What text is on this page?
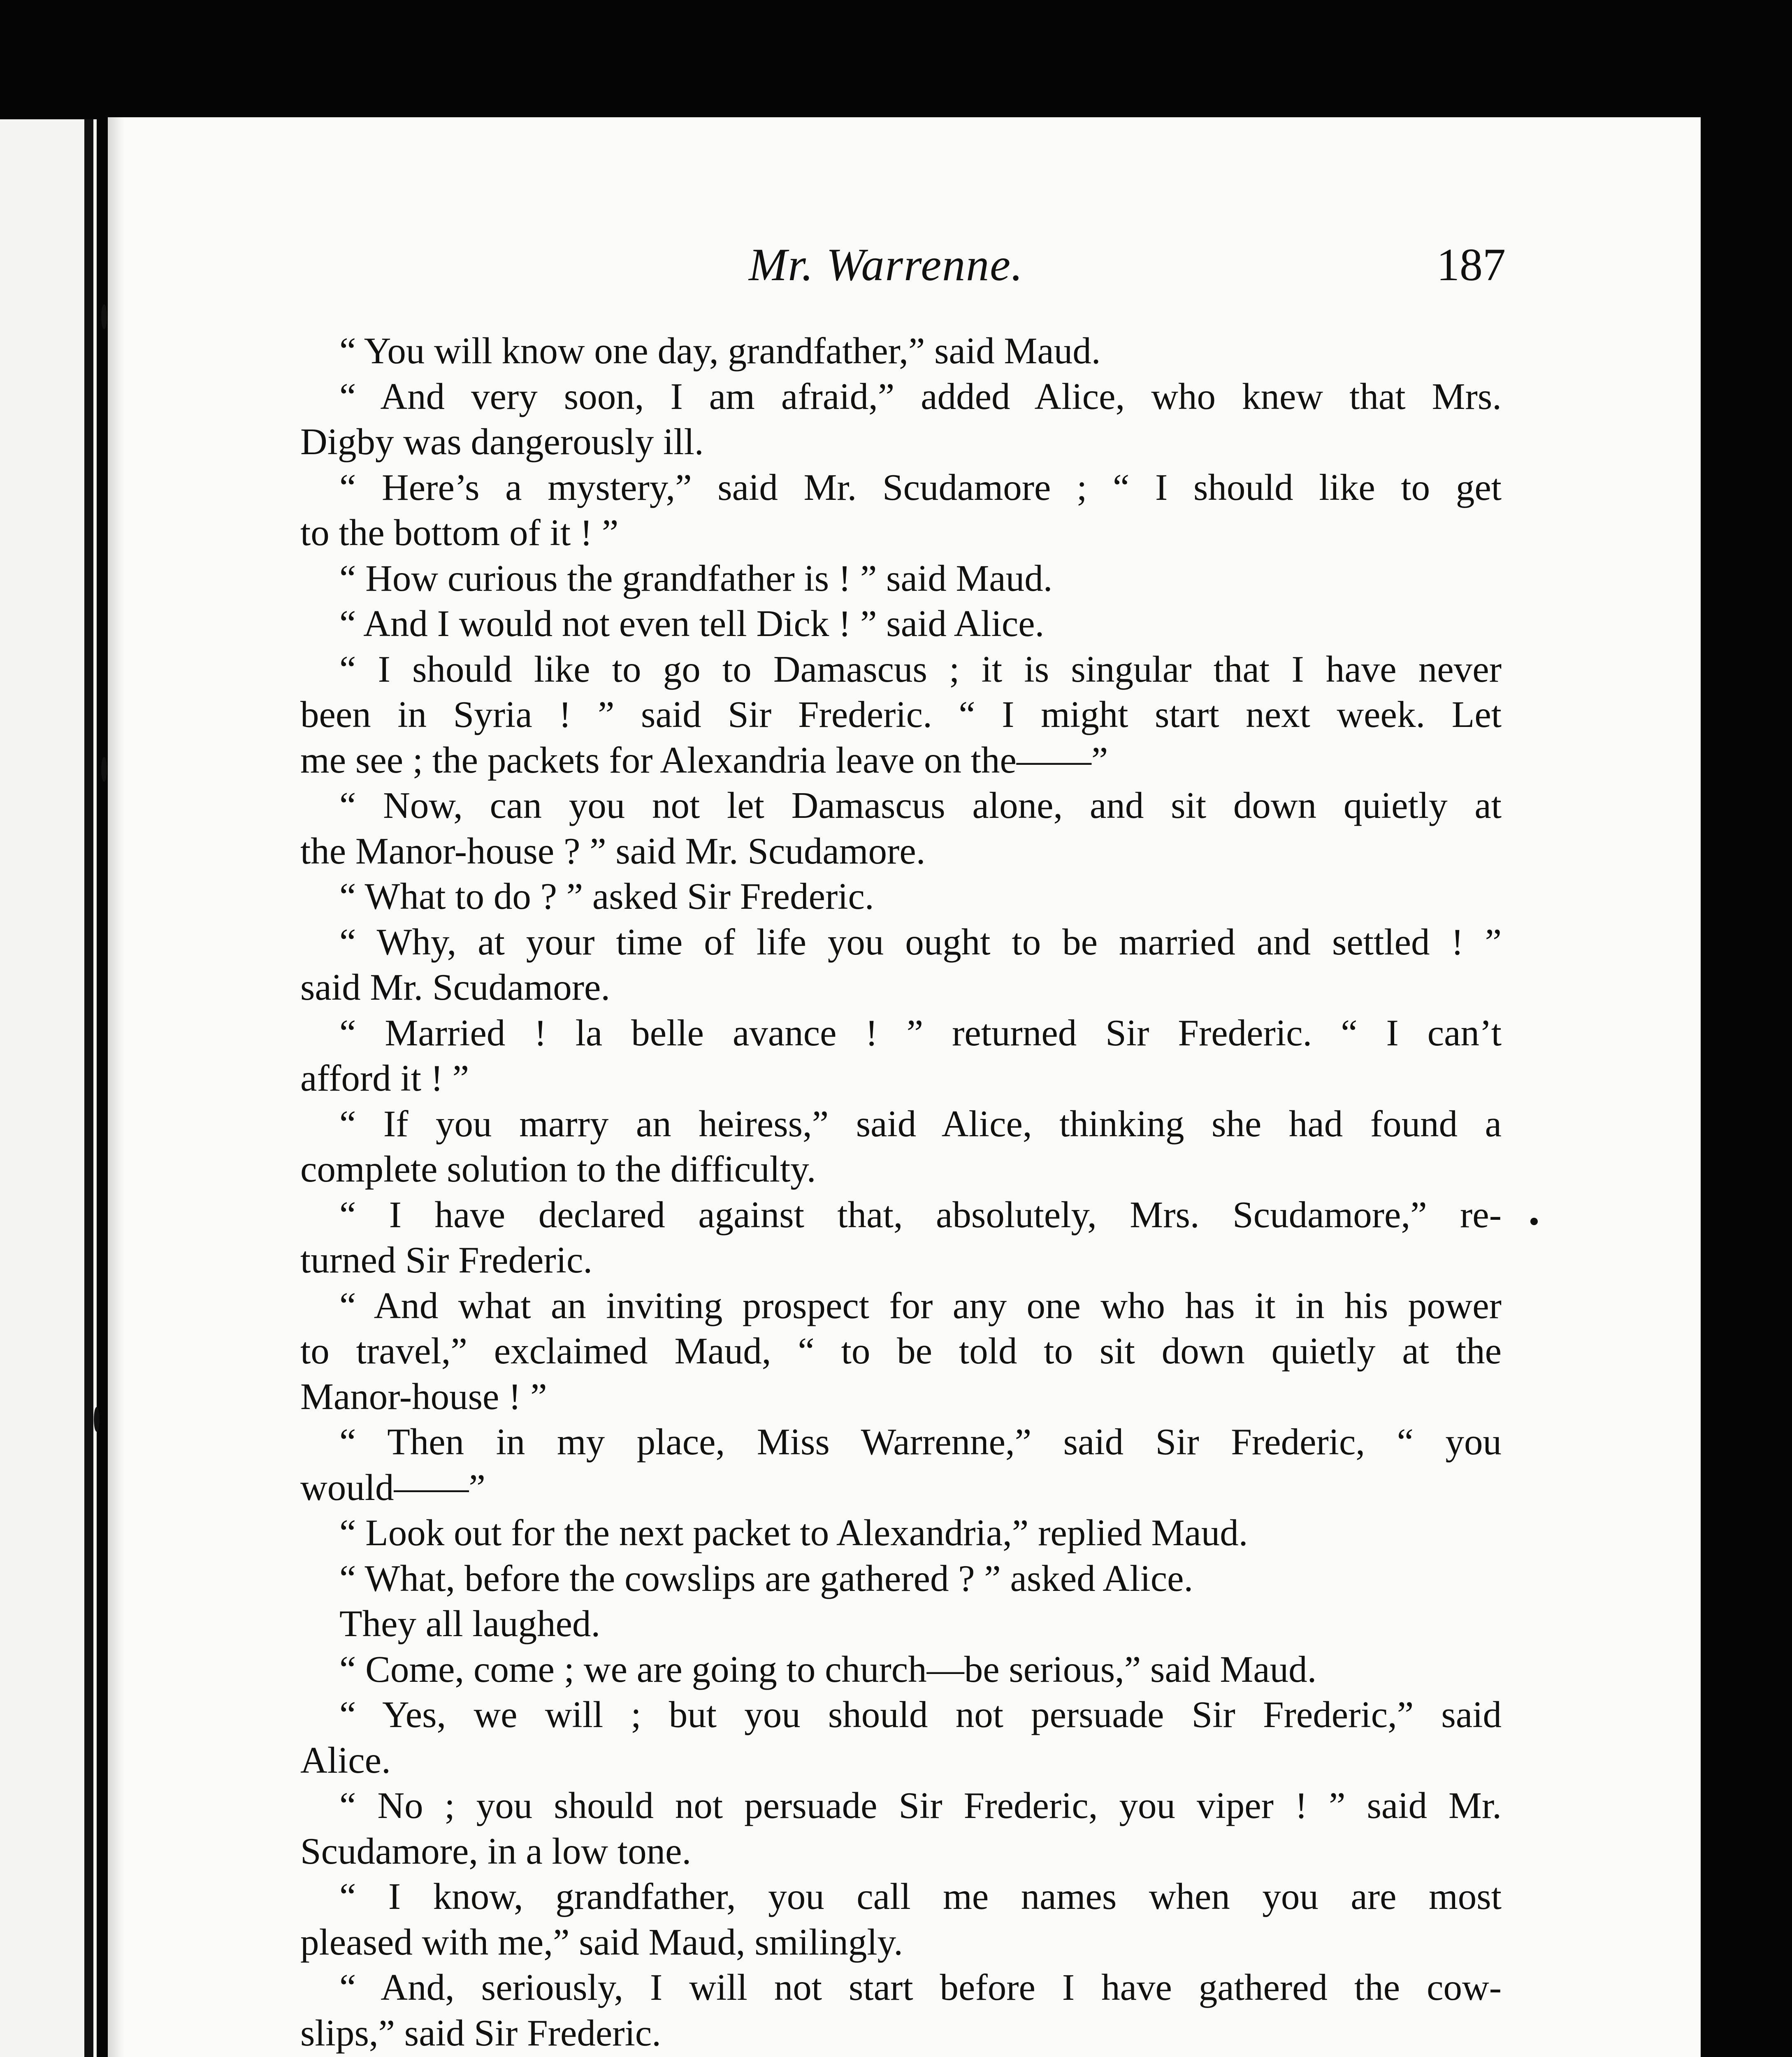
Mr. Warrenne.	187
“ You will know one day, grandfather,” said Maud.
“ And very soon, I am afraid,” added Alice, who knew that Mrs.
Digby was dangerously ill.
“ Here’s a mystery,” said Mr. Scudamore ; “ I should like to get
to the bottom of it ! ”
“ How curious the grandfather is ! ” said Maud.
“ And I would not even tell Dick ! ” said Alice.
“ I should like to go to Damascus ; it is singular that I have never
been in Syria ! ” said Sir Frederic. “ I might start next week. Let
me see ; the packets for Alexandria leave on the——”
“ Now, can you not let Damascus alone, and sit down quietly at
the Manor-house ? ” said Mr. Scudamore.
“ What to do ? ” asked Sir Frederic.
“ Why, at your time of life you ought to be married and settled ! ”
said Mr. Scudamore.
“ Married ! la belle avance ! ” returned Sir Frederic. “ I can’t
afford it ! ”
“ If you marry an heiress,” said Alice, thinking she had found a
complete solution to the difficulty.
“ I have declared against that, absolutely, Mrs. Scudamore,” re-
turned Sir Frederic.
“ And what an inviting prospect for any one who has it in his power
to travel,” exclaimed Maud, “ to be told to sit down quietly at the
Manor-house ! ”
“ Then in my place, Miss Warrenne,” said Sir Frederic, “ you
would——”
“ Look out for the next packet to Alexandria,” replied Maud.
“ What, before the cowslips are gathered ? ” asked Alice.
They all laughed.
“ Come, come ; we are going to church—be serious,” said Maud.
“ Yes, we will ; but you should not persuade Sir Frederic,” said
Alice.
“ No ; you should not persuade Sir Frederic, you viper ! ” said Mr.
Scudamore, in a low tone.
“ I know, grandfather, you call me names when you are most
pleased with me,” said Maud, smilingly.
“ And, seriously, I will not start before I have gathered the cow-
slips,” said Sir Frederic.
